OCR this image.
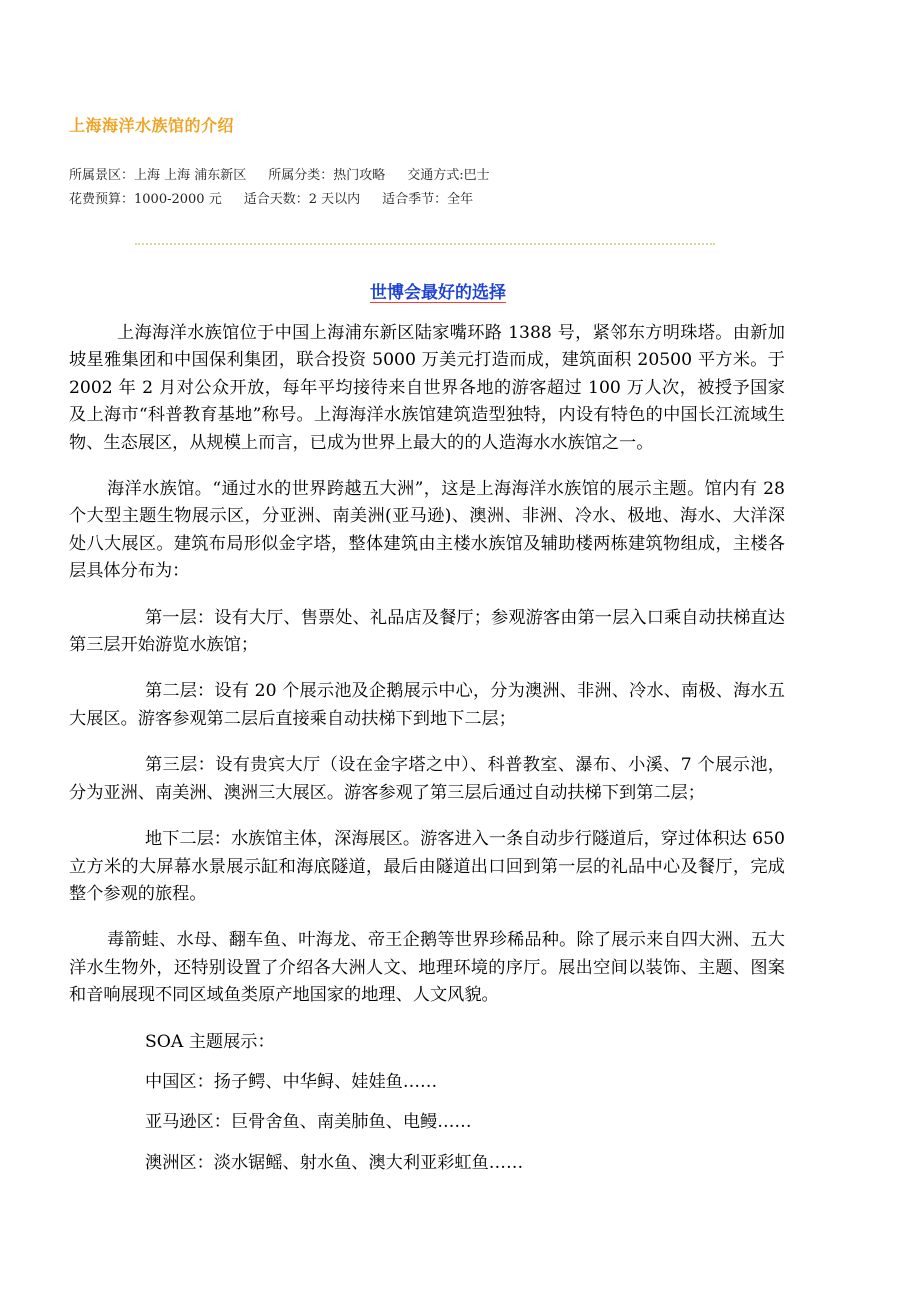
上海海洋水族馆的介绍
所属景区：上海 上海 浦东新区 所属分类：热门攻略 交通方式:巴士
花费预算：1000-2000 元 适合天数：2 天以内 适合季节：全年
世博会最好的选择

上海海洋水族馆位于中国上海浦东新区陆家嘴环路 1388 号，紧邻东方明珠塔。由新加坡星雅集团和中国保利集团，联合投资 5000 万美元打造而成，建筑面积 20500 平方米。于 2002 年 2 月对公众开放，每年平均接待来自世界各地的游客超过 100 万人次，被授予国家及上海市“科普教育基地”称号。上海海洋水族馆建筑造型独特，内设有特色的中国长江流域生物、生态展区，从规模上而言，已成为世界上最大的的人造海水水族馆之一。

海洋水族馆。“通过水的世界跨越五大洲”，这是上海海洋水族馆的展示主题。馆内有 28 个大型主题生物展示区，分亚洲、南美洲(亚马逊)、澳洲、非洲、冷水、极地、海水、大洋深处八大展区。建筑布局形似金字塔，整体建筑由主楼水族馆及辅助楼两栋建筑物组成，主楼各层具体分布为：

第一层：设有大厅、售票处、礼品店及餐厅；参观游客由第一层入口乘自动扶梯直达第三层开始游览水族馆；

第二层：设有 20 个展示池及企鹅展示中心，分为澳洲、非洲、冷水、南极、海水五大展区。游客参观第二层后直接乘自动扶梯下到地下二层；

第三层：设有贵宾大厅（设在金字塔之中）、科普教室、瀑布、小溪、7 个展示池，分为亚洲、南美洲、澳洲三大展区。游客参观了第三层后通过自动扶梯下到第二层；

地下二层：水族馆主体，深海展区。游客进入一条自动步行隧道后，穿过体积达 650 立方米的大屏幕水景展示缸和海底隧道，最后由隧道出口回到第一层的礼品中心及餐厅，完成整个参观的旅程。

毒箭蛙、水母、翻车鱼、叶海龙、帝王企鹅等世界珍稀品种。除了展示来自四大洲、五大洋水生物外，还特别设置了介绍各大洲人文、地理环境的序厅。展出空间以装饰、主题、图案和音响展现不同区域鱼类原产地国家的地理、人文风貌。

SOA 主题展示：

中国区：扬子鳄、中华鲟、娃娃鱼……

亚马逊区：巨骨舍鱼、南美肺鱼、电鳗……

澳洲区：淡水锯鳐、射水鱼、澳大利亚彩虹鱼……
